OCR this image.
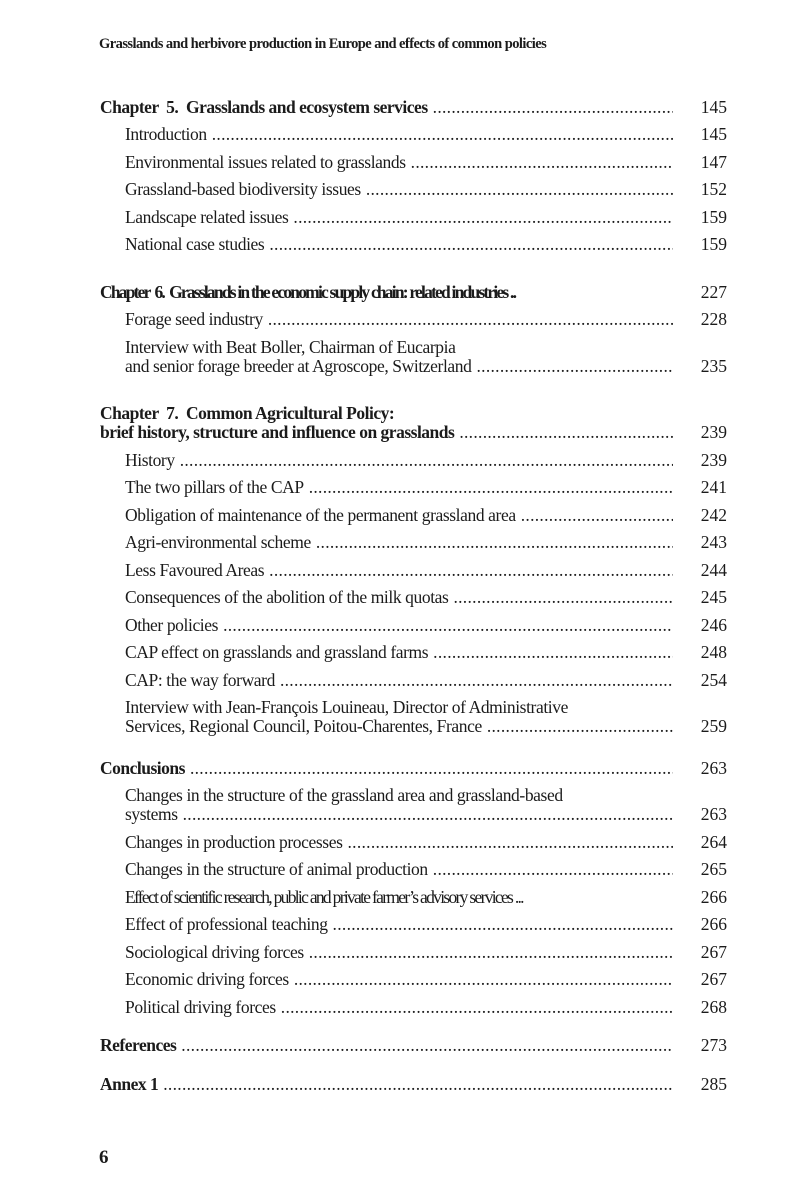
Grasslands and herbivore production in Europe and effects of common policies
Chapter  5.  Grasslands and ecosystem services .....	145
Introduction .....	145
Environmental issues related to grasslands .....	147
Grassland-based biodiversity issues .....	152
Landscape related issues .....	159
National case studies .....	159
Chapter  6.  Grasslands in the economic supply chain: related industries ..	227
Forage seed industry .....	228
Interview with Beat Boller, Chairman of Eucarpia
and senior forage breeder at Agroscope, Switzerland .....	235
Chapter  7.  Common Agricultural Policy:
brief history, structure and influence on grasslands .....	239
History .....	239
The two pillars of the CAP .....	241
Obligation of maintenance of the permanent grassland area .....	242
Agri-environmental scheme .....	243
Less Favoured Areas .....	244
Consequences of the abolition of the milk quotas .....	245
Other policies .....	246
CAP effect on grasslands and grassland farms .....	248
CAP: the way forward .....	254
Interview with Jean-François Louineau, Director of Administrative
Services, Regional Council, Poitou-Charentes, France .....	259
Conclusions .....	263
Changes in the structure of the grassland area and grassland-based
systems .....	263
Changes in production processes .....	264
Changes in the structure of animal production .....	265
Effect of scientific research, public and private farmer’s advisory services ...	266
Effect of professional teaching .....	266
Sociological driving forces .....	267
Economic driving forces .....	267
Political driving forces .....	268
References .....	273
Annex 1 .....	285
6
